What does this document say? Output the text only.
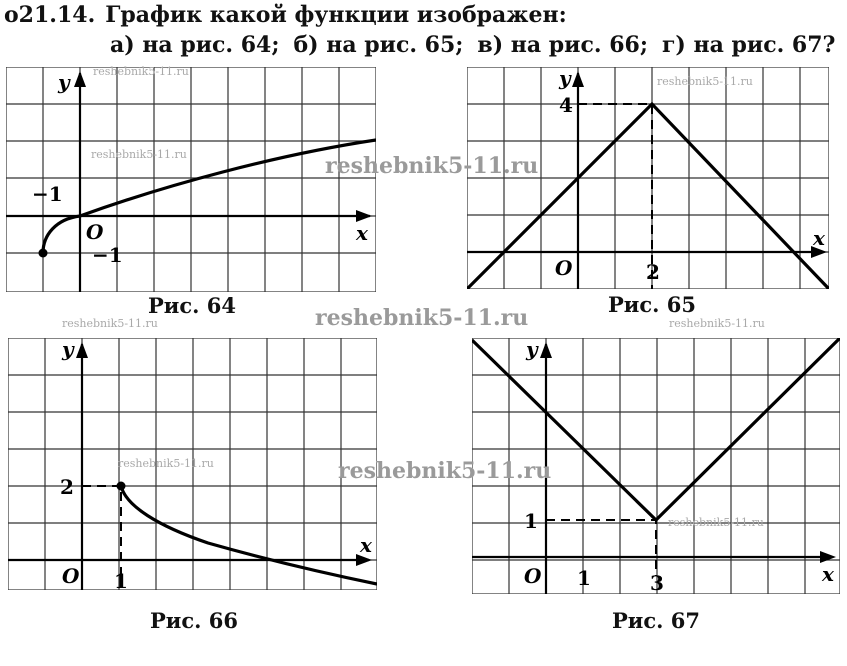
о21.14. График какой функции изображен:
а) на рис. 64; б) на рис. 65; в) на рис. 66; г) на рис. 67?
x
y
O
−1
−1
Рис. 64
x
y
O	2
4
Рис. 65
x
y
O 1
2
Рис. 66
x
y
O 1	3
1
Рис. 67
reshebnik5-11.ru
reshebnik5-11.ru	reshebnik5-11.ru
reshebnik5-11.ru
reshebnik5-11.ru	reshebnik5-11.ru	reshebnik5-11.ru
reshebnik5-11.ru	reshebnik5-11.ru
reshebnik5-11.ru
